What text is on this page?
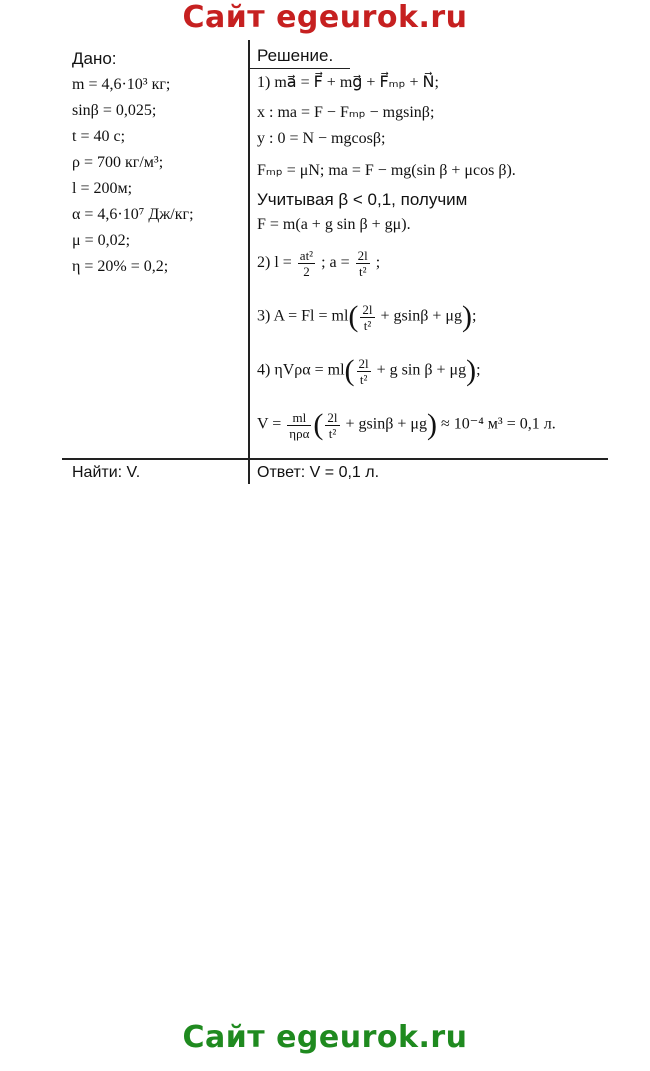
Сайт egeurok.ru
Дано:
m = 4,6·10³ кг;
sinβ = 0,025;
t = 40 с;
ρ = 700 кг/м³;
l = 200м;
α = 4,6·10⁷ Дж/кг;
μ = 0,02;
η = 20% = 0,2;
Решение.
1) ma⃗ = F⃗ + mg⃗ + F⃗ₘₚ + N⃗;
x : ma = F − Fₘₚ − mgsinβ;
y : 0 = N − mgcosβ;
Fₘₚ = μN; ma = F − mg(sin β + μcos β).
Учитывая β < 0,1, получим
F = m(a + g sin β + gμ).
2) $l = \frac{\text{at²}}{2}$ ; $a = \frac{2l}{\text{t²}}$ ;
3) $A = Fl = ml( \frac{2l}{\text{t²}} + gsin\beta + \mu g)$;
4) $\eta V\rho\alpha = ml( \frac{2l}{\text{t²}} + g$ sin β + μg);
$V = \frac{ml}{\text{ηρα}}$ ( $\frac{2l}{\text{t²}} + gsin\beta + \mu g) \approx 10^{-4}$ м³ = 0,1 л.
Найти: V.	Ответ: V = 0,1 л.
Сайт egeurok.ru
